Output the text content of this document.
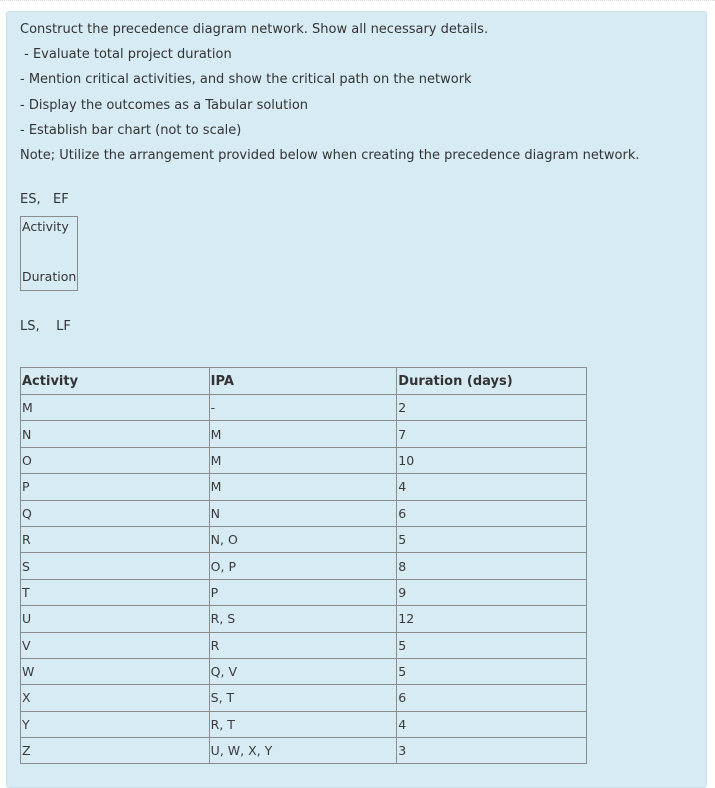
Construct the precedence diagram network. Show all necessary details.
- Evaluate total project duration
- Mention critical activities, and show the critical path on the network
- Display the outcomes as a Tabular solution
- Establish bar chart (not to scale)
Note; Utilize the arrangement provided below when creating the precedence diagram network.
ES,   EF
Activity
Duration
LS,    LF
Activity	IPA	Duration (days)
M	-	2
N	M	7
O	M	10
P	M	4
Q	N	6
R	N, O	5
S	O, P	8
T	P	9
U	R, S	12
V	R	5
W	Q, V	5
X	S, T	6
Y	R, T	4
Z	U, W, X, Y	3
